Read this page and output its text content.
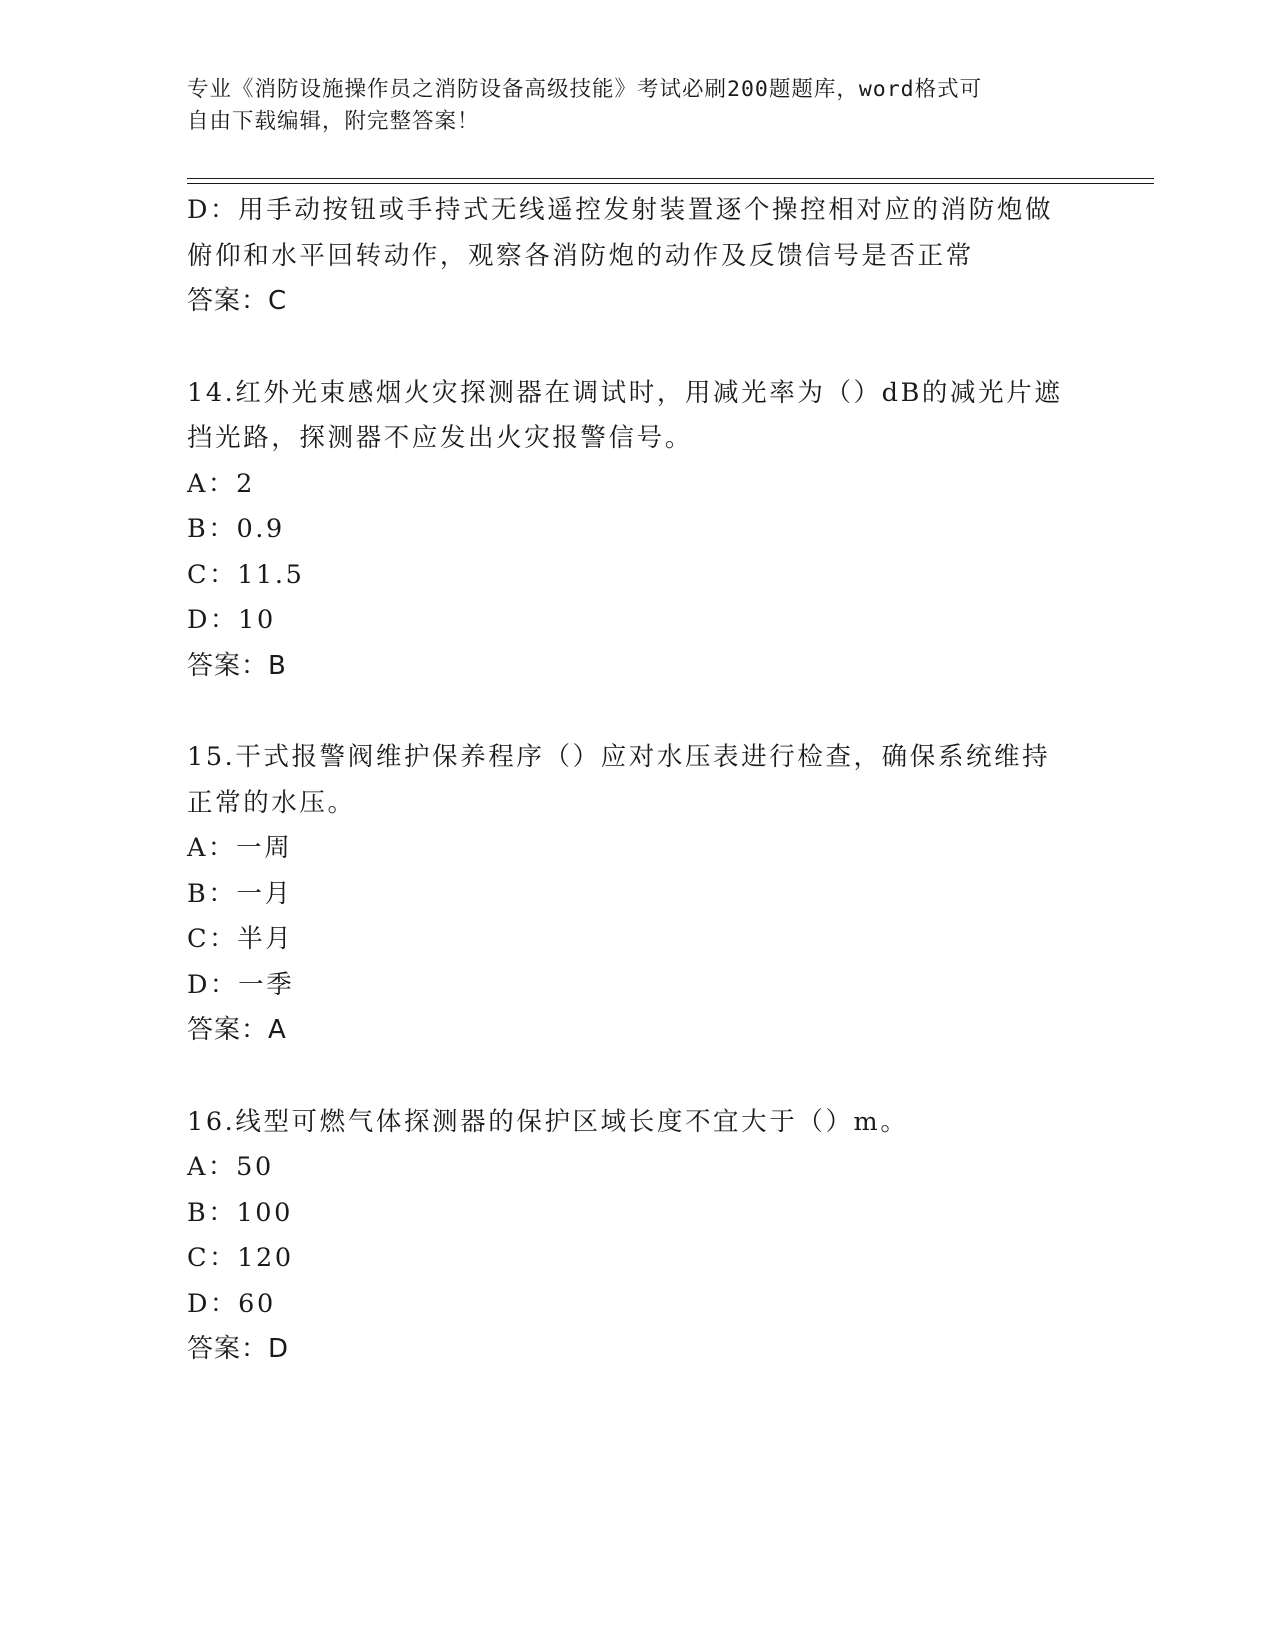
专业《消防设施操作员之消防设备高级技能》考试必刷200题题库，word格式可
自由下载编辑，附完整答案！
D：用手动按钮或手持式无线遥控发射装置逐个操控相对应的消防炮做
俯仰和水平回转动作，观察各消防炮的动作及反馈信号是否正常
答案：C
14.红外光束感烟火灾探测器在调试时，用减光率为（）dB的减光片遮
挡光路，探测器不应发出火灾报警信号。
A：2
B：0.9
C：11.5
D：10
答案：B
15.干式报警阀维护保养程序（）应对水压表进行检查，确保系统维持
正常的水压。
A：一周
B：一月
C：半月
D：一季
答案：A
16.线型可燃气体探测器的保护区域长度不宜大于（）m。
A：50
B：100
C：120
D：60
答案：D
